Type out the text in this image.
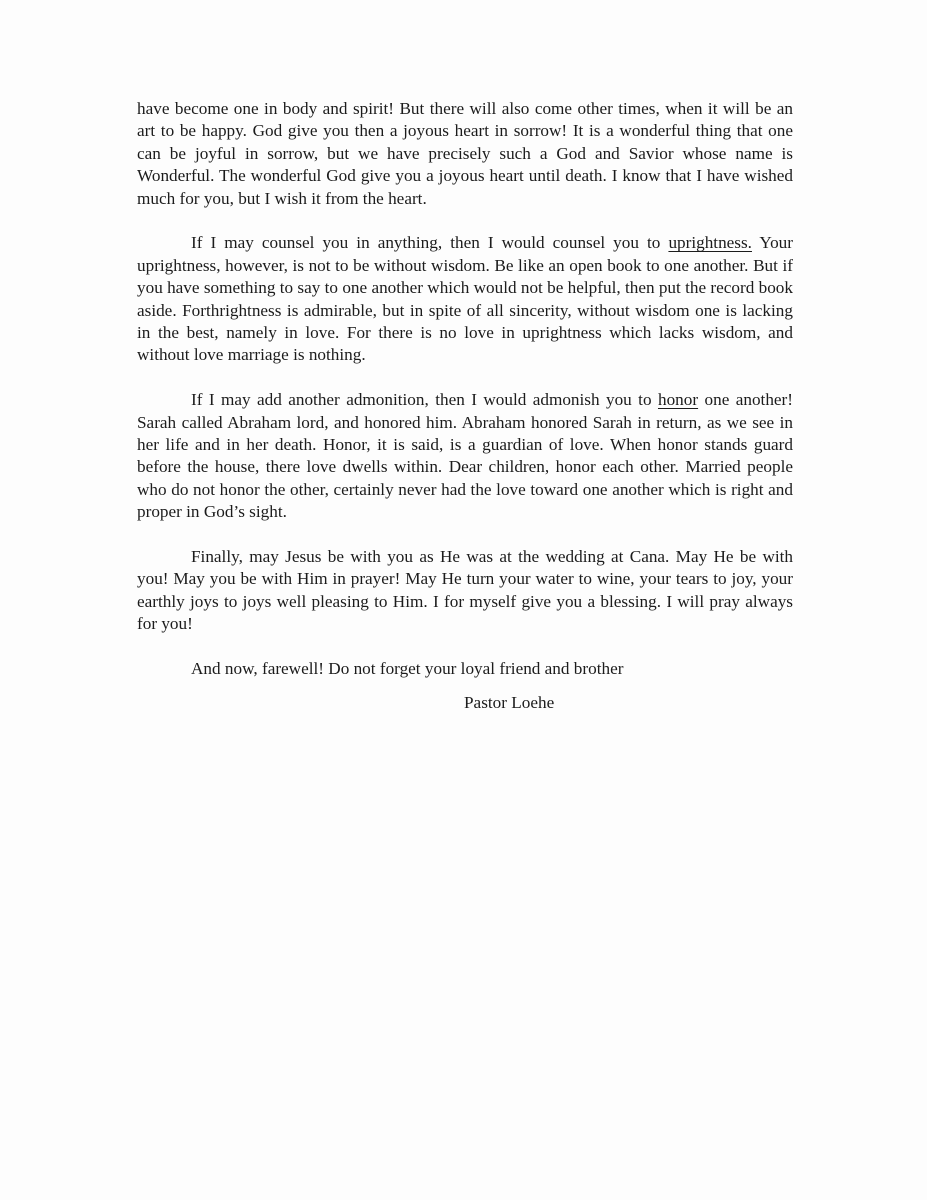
have become one in body and spirit! But there will also come other times, when it will be an art to be happy. God give you then a joyous heart in sorrow! It is a wonderful thing that one can be joyful in sorrow, but we have precisely such a God and Savior whose name is Wonderful. The wonderful God give you a joyous heart until death. I know that I have wished much for you, but I wish it from the heart.

If I may counsel you in anything, then I would counsel you to uprightness. Your uprightness, however, is not to be without wisdom. Be like an open book to one another. But if you have something to say to one another which would not be helpful, then put the record book aside. Forthrightness is admirable, but in spite of all sincerity, without wisdom one is lacking in the best, namely in love. For there is no love in uprightness which lacks wisdom, and without love marriage is nothing.

If I may add another admonition, then I would admonish you to honor one another! Sarah called Abraham lord, and honored him. Abraham honored Sarah in return, as we see in her life and in her death. Honor, it is said, is a guardian of love. When honor stands guard before the house, there love dwells within. Dear children, honor each other. Married people who do not honor the other, certainly never had the love toward one another which is right and proper in God’s sight.

Finally, may Jesus be with you as He was at the wedding at Cana. May He be with you! May you be with Him in prayer! May He turn your water to wine, your tears to joy, your earthly joys to joys well pleasing to Him. I for myself give you a blessing. I will pray always for you!

And now, farewell! Do not forget your loyal friend and brother

Pastor Loehe
